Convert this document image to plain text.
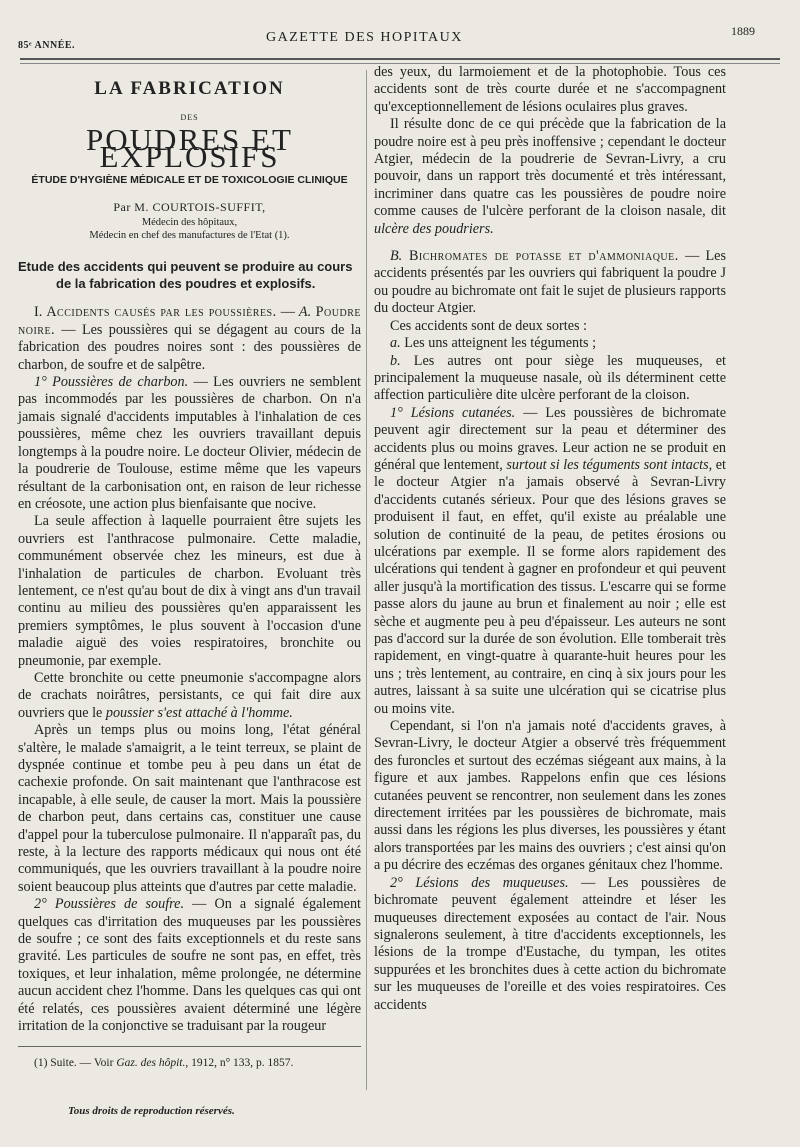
85ᵉ ANNÉE.
GAZETTE DES HOPITAUX	1889
LA FABRICATION
DES
POUDRES ET EXPLOSIFS
ÉTUDE D'HYGIÈNE MÉDICALE ET DE TOXICOLOGIE CLINIQUE
Par M. COURTOIS-SUFFIT,
Médecin des hôpitaux,
Médecin en chef des manufactures de l'Etat (1).
Etude des accidents qui peuvent se produire au cours
de la fabrication des poudres et explosifs.

I. Accidents causés par les poussières. — A. Poudre noire. — Les poussières qui se dégagent au cours de la fabrication des poudres noires sont : des poussières de charbon, de soufre et de salpêtre.

1° Poussières de charbon. — Les ouvriers ne semblent pas incommodés par les poussières de charbon. On n'a jamais signalé d'accidents imputables à l'inhalation de ces poussières, même chez les ouvriers travaillant depuis longtemps à la poudre noire. Le docteur Olivier, médecin de la poudrerie de Toulouse, estime même que les vapeurs résultant de la carbonisation ont, en raison de leur richesse en créosote, une action plus bienfaisante que nocive.

La seule affection à laquelle pourraient être sujets les ouvriers est l'anthracose pulmonaire. Cette maladie, communément observée chez les mineurs, est due à l'inhalation de particules de charbon. Evoluant très lentement, ce n'est qu'au bout de dix à vingt ans d'un travail continu au milieu des poussières qu'en apparaissent les premiers symptômes, le plus souvent à l'occasion d'une maladie aiguë des voies respiratoires, bronchite ou pneumonie, par exemple.

Cette bronchite ou cette pneumonie s'accompagne alors de crachats noirâtres, persistants, ce qui fait dire aux ouvriers que le poussier s'est attaché à l'homme.

Après un temps plus ou moins long, l'état général s'altère, le malade s'amaigrit, a le teint terreux, se plaint de dyspnée continue et tombe peu à peu dans un état de cachexie profonde. On sait maintenant que l'anthracose est incapable, à elle seule, de causer la mort. Mais la poussière de charbon peut, dans certains cas, constituer une cause d'appel pour la tuberculose pulmonaire. Il n'apparaît pas, du reste, à la lecture des rapports médicaux qui nous ont été communiqués, que les ouvriers travaillant à la poudre noire soient beaucoup plus atteints que d'autres par cette maladie.

2° Poussières de soufre. — On a signalé également quelques cas d'irritation des muqueuses par les poussières de soufre ; ce sont des faits exceptionnels et du reste sans gravité. Les particules de soufre ne sont pas, en effet, très toxiques, et leur inhalation, même prolongée, ne détermine aucun accident chez l'homme. Dans les quelques cas qui ont été relatés, ces poussières avaient déterminé une légère irritation de la conjonctive se traduisant par la rougeur

(1) Suite. — Voir Gaz. des hôpit., 1912, n° 133, p. 1857.

des yeux, du larmoiement et de la photophobie. Tous ces accidents sont de très courte durée et ne s'accompagnent qu'exceptionnellement de lésions oculaires plus graves.

Il résulte donc de ce qui précède que la fabrication de la poudre noire est à peu près inoffensive ; cependant le docteur Atgier, médecin de la poudrerie de Sevran-Livry, a cru pouvoir, dans un rapport très documenté et très intéressant, incriminer dans quatre cas les poussières de poudre noire comme causes de l'ulcère perforant de la cloison nasale, dit ulcère des poudriers.

B. Bichromates de potasse et d'ammoniaque. — Les accidents présentés par les ouvriers qui fabriquent la poudre J ou poudre au bichromate ont fait le sujet de plusieurs rapports du docteur Atgier.

Ces accidents sont de deux sortes :

a. Les uns atteignent les téguments ;

b. Les autres ont pour siège les muqueuses, et principalement la muqueuse nasale, où ils déterminent cette affection particulière dite ulcère perforant de la cloison.

1° Lésions cutanées. — Les poussières de bichromate peuvent agir directement sur la peau et déterminer des accidents plus ou moins graves. Leur action ne se produit en général que lentement, surtout si les téguments sont intacts, et le docteur Atgier n'a jamais observé à Sevran-Livry d'accidents cutanés sérieux. Pour que des lésions graves se produisent il faut, en effet, qu'il existe au préalable une solution de continuité de la peau, de petites érosions ou ulcérations par exemple. Il se forme alors rapidement des ulcérations qui tendent à gagner en profondeur et qui peuvent aller jusqu'à la mortification des tissus. L'escarre qui se forme passe alors du jaune au brun et finalement au noir ; elle est sèche et augmente peu à peu d'épaisseur. Les auteurs ne sont pas d'accord sur la durée de son évolution. Elle tomberait très rapidement, en vingt-quatre à quarante-huit heures pour les uns ; très lentement, au contraire, en cinq à six jours pour les autres, laissant à sa suite une ulcération qui se cicatrise plus ou moins vite.

Cependant, si l'on n'a jamais noté d'accidents graves, à Sevran-Livry, le docteur Atgier a observé très fréquemment des furoncles et surtout des eczémas siégeant aux mains, à la figure et aux jambes. Rappelons enfin que ces lésions cutanées peuvent se rencontrer, non seulement dans les zones directement irritées par les poussières de bichromate, mais aussi dans les régions les plus diverses, les poussières y étant alors transportées par les mains des ouvriers ; c'est ainsi qu'on a pu décrire des eczémas des organes génitaux chez l'homme.

2° Lésions des muqueuses. — Les poussières de bichromate peuvent également atteindre et léser les muqueuses directement exposées au contact de l'air. Nous signalerons seulement, à titre d'accidents exceptionnels, les lésions de la trompe d'Eustache, du tympan, les otites suppurées et les bronchites dues à cette action du bichromate sur les muqueuses de l'oreille et des voies respiratoires. Ces accidents

Tous droits de reproduction réservés.
